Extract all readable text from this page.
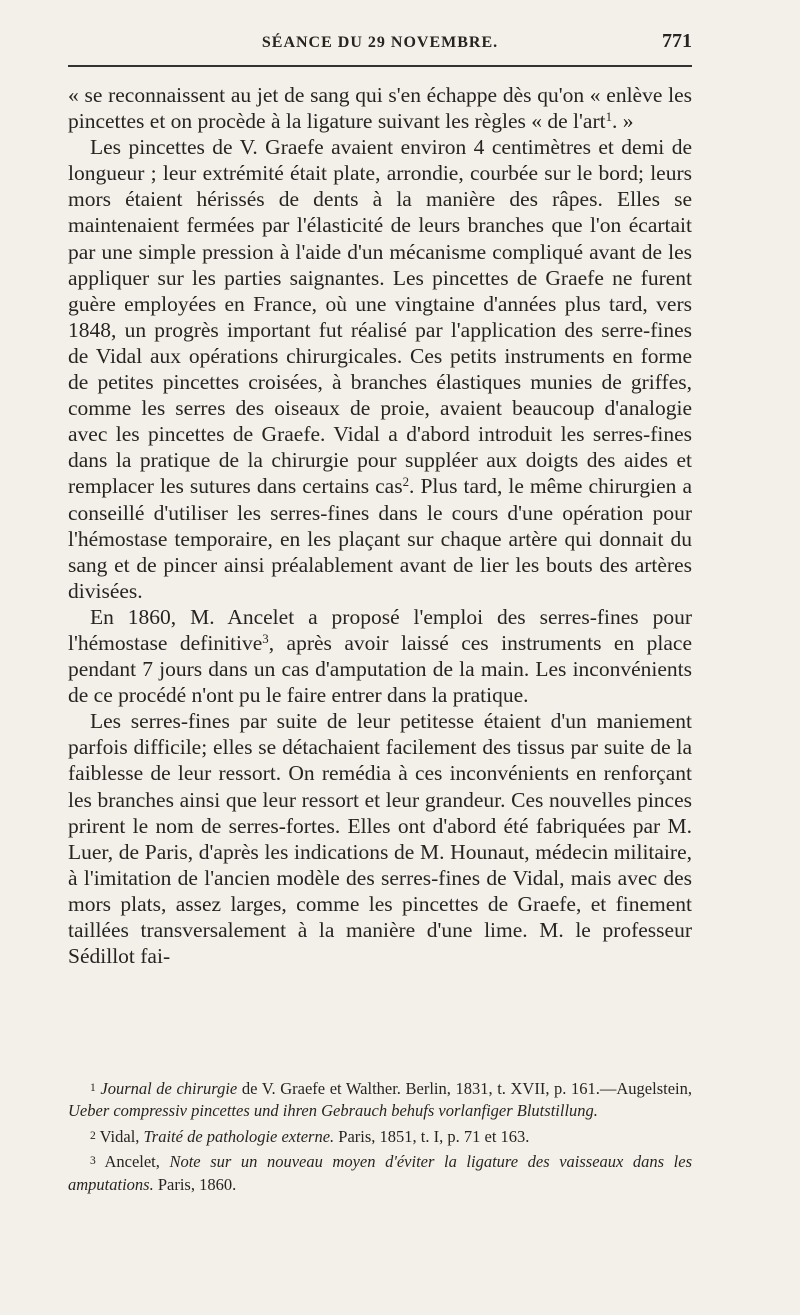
SÉANCE DU 29 NOVEMBRE.	771

« se reconnaissent au jet de sang qui s'en échappe dès qu'on « enlève les pincettes et on procède à la ligature suivant les règles « de l'art$^1$. »

Les pincettes de V. Graefe avaient environ 4 centimètres et demi de longueur ; leur extrémité était plate, arrondie, courbée sur le bord; leurs mors étaient hérissés de dents à la manière des râpes. Elles se maintenaient fermées par l'élasticité de leurs branches que l'on écartait par une simple pression à l'aide d'un mécanisme compliqué avant de les appliquer sur les parties saignantes. Les pincettes de Graefe ne furent guère employées en France, où une vingtaine d'années plus tard, vers 1848, un progrès important fut réalisé par l'application des serre-fines de Vidal aux opérations chirurgicales. Ces petits instruments en forme de petites pincettes croisées, à branches élastiques munies de griffes, comme les serres des oiseaux de proie, avaient beaucoup d'analogie avec les pincettes de Graefe. Vidal a d'abord introduit les serres-fines dans la pratique de la chirurgie pour suppléer aux doigts des aides et remplacer les sutures dans certains cas$^2$. Plus tard, le même chirurgien a conseillé d'utiliser les serres-fines dans le cours d'une opération pour l'hémostase temporaire, en les plaçant sur chaque artère qui donnait du sang et de pincer ainsi préalablement avant de lier les bouts des artères divisées.

En 1860, M. Ancelet a proposé l'emploi des serres-fines pour l'hémostase definitive$^3$, après avoir laissé ces instruments en place pendant 7 jours dans un cas d'amputation de la main. Les inconvénients de ce procédé n'ont pu le faire entrer dans la pratique.

Les serres-fines par suite de leur petitesse étaient d'un maniement parfois difficile; elles se détachaient facilement des tissus par suite de la faiblesse de leur ressort. On remédia à ces inconvénients en renforçant les branches ainsi que leur ressort et leur grandeur. Ces nouvelles pinces prirent le nom de serres-fortes. Elles ont d'abord été fabriquées par M. Luer, de Paris, d'après les indications de M. Hounaut, médecin militaire, à l'imitation de l'ancien modèle des serres-fines de Vidal, mais avec des mors plats, assez larges, comme les pincettes de Graefe, et finement taillées transversalement à la manière d'une lime. M. le professeur Sédillot fai-

1 Journal de chirurgie de V. Graefe et Walther. Berlin, 1831, t. XVII, p. 161.—Augelstein, Ueber compressiv pincettes und ihren Gebrauch behufs vorlanfiger Blutstillung.

2 Vidal, Traité de pathologie externe. Paris, 1851, t. I, p. 71 et 163.

3 Ancelet, Note sur un nouveau moyen d'éviter la ligature des vaisseaux dans les amputations. Paris, 1860.
